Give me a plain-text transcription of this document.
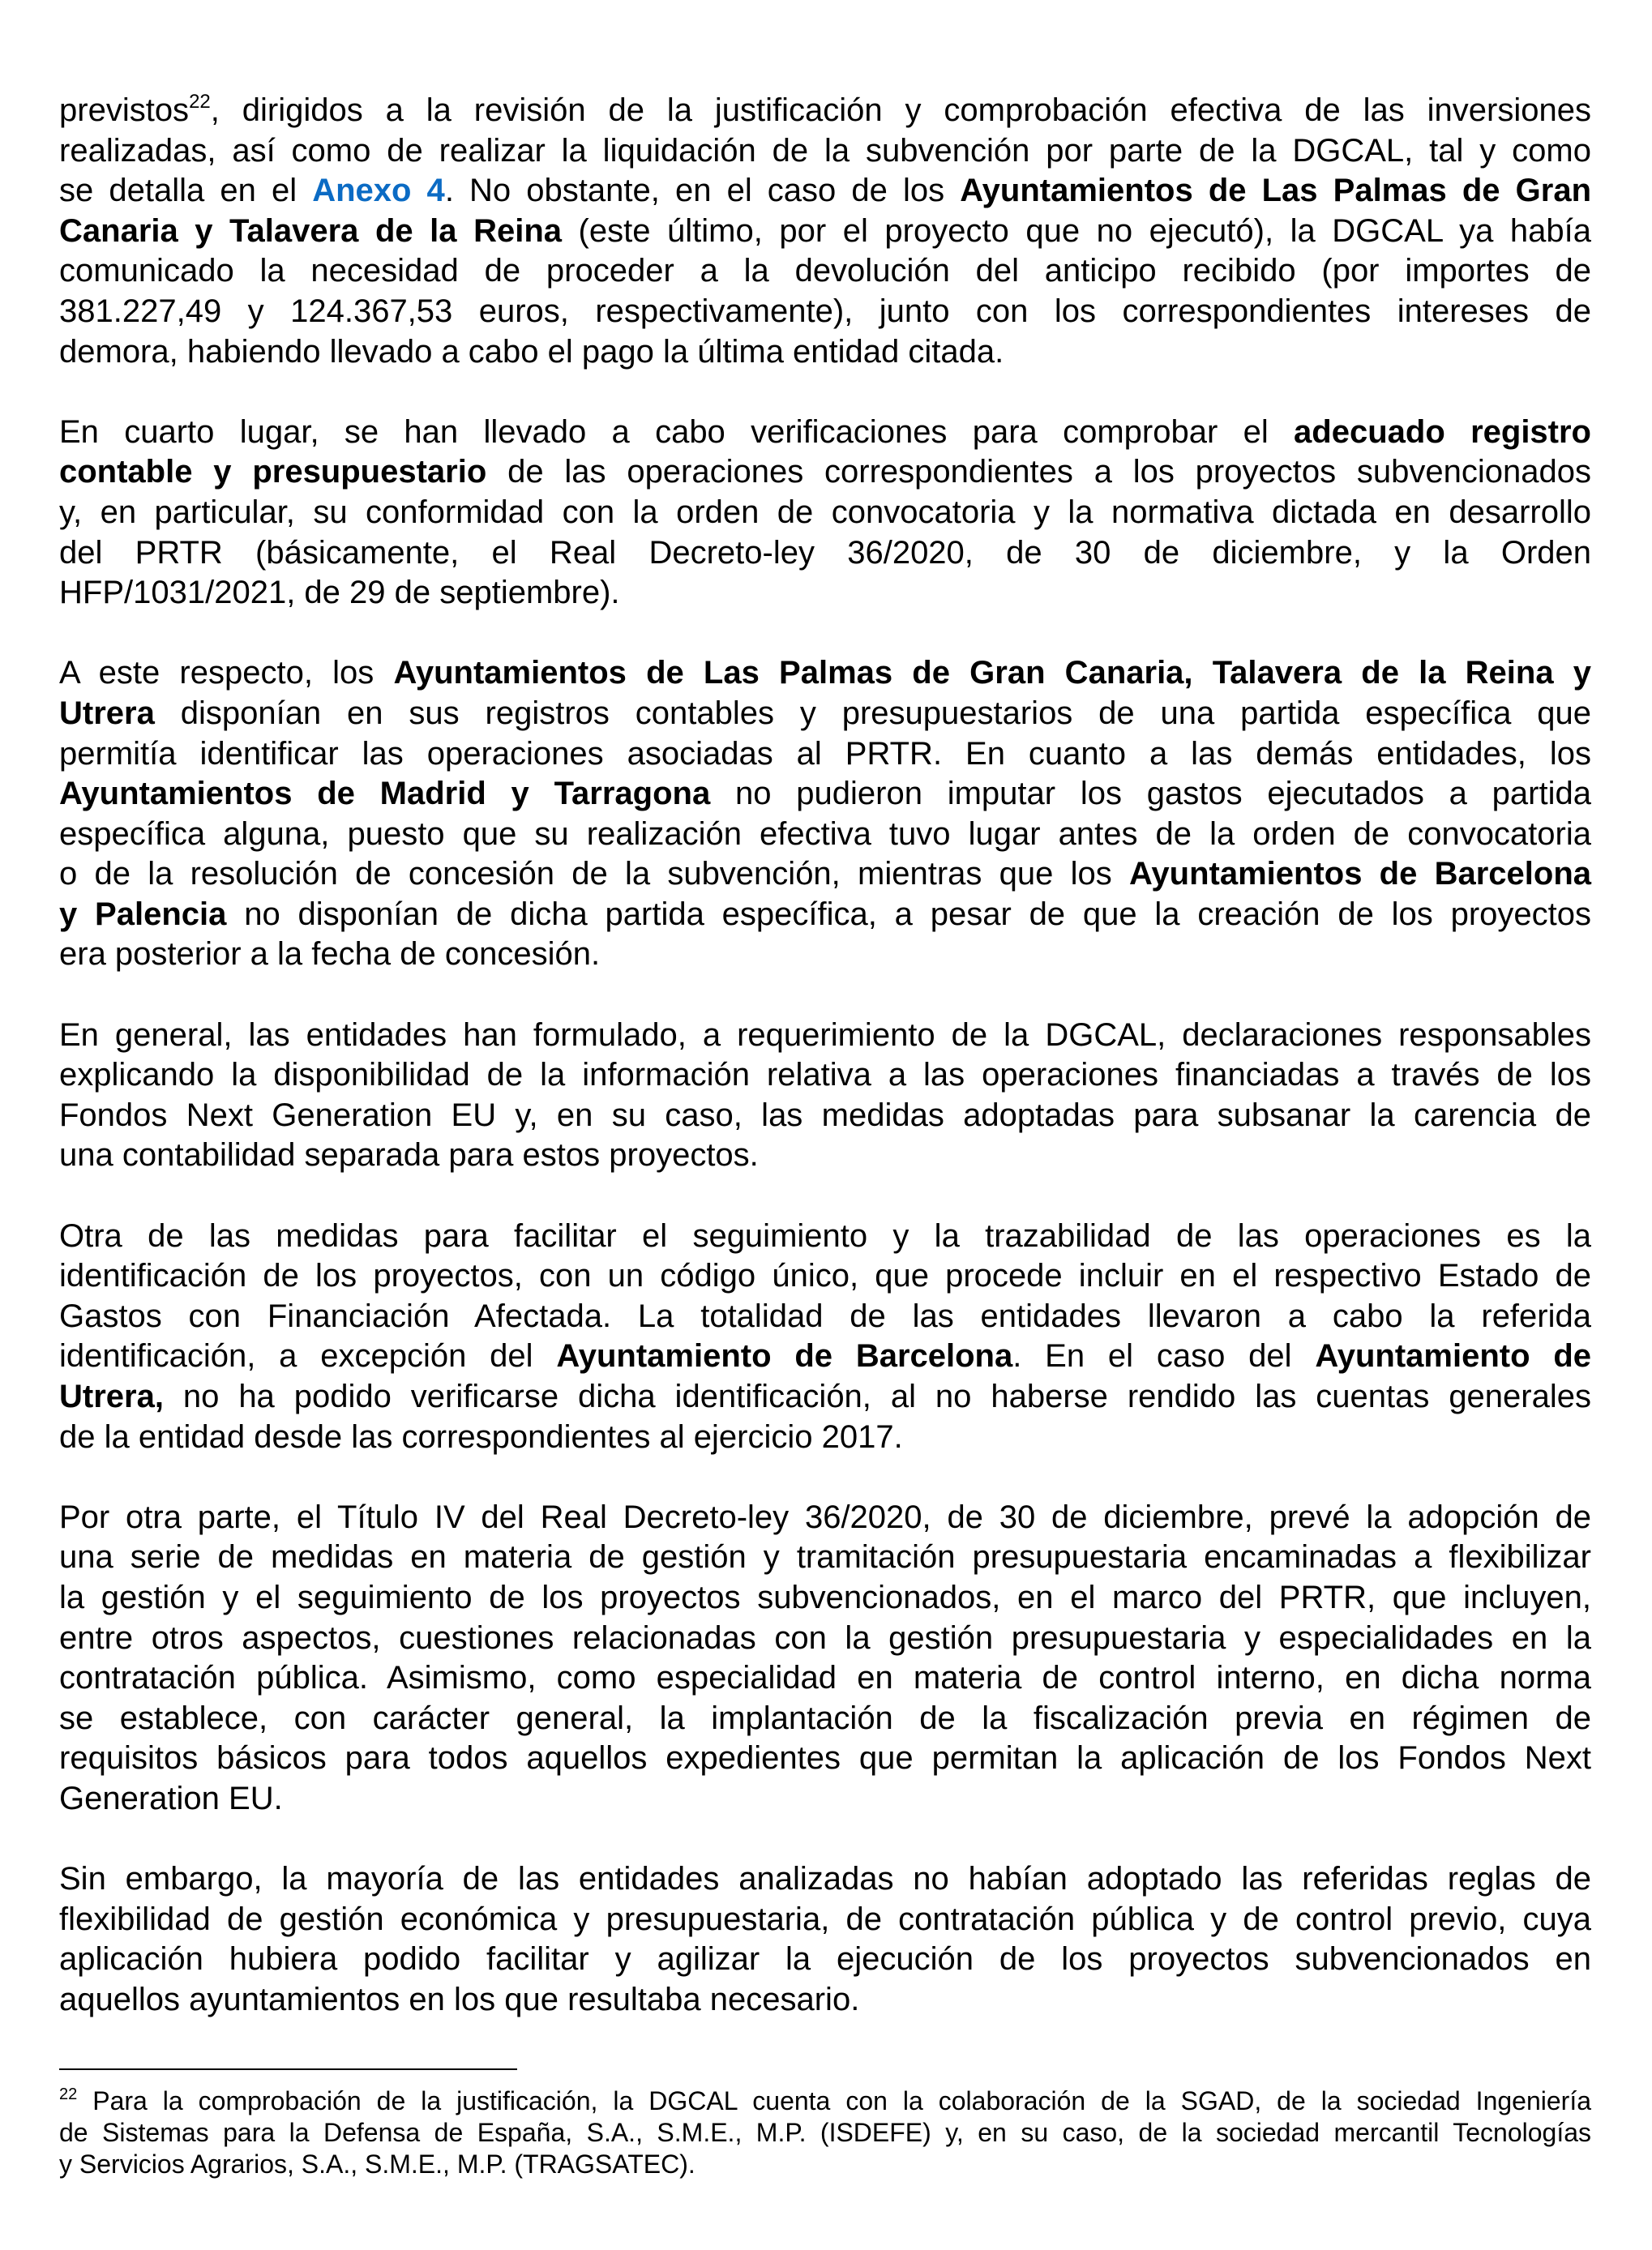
previstos$^{22}$, dirigidos a la revisión de la justificación y comprobación efectiva de las inversiones
realizadas, así como de realizar la liquidación de la subvención por parte de la DGCAL, tal y como
se detalla en el Anexo 4. No obstante, en el caso de los Ayuntamientos de Las Palmas de Gran
Canaria y Talavera de la Reina (este último, por el proyecto que no ejecutó), la DGCAL ya había
comunicado la necesidad de proceder a la devolución del anticipo recibido (por importes de
381.227,49 y 124.367,53 euros, respectivamente), junto con los correspondientes intereses de
demora, habiendo llevado a cabo el pago la última entidad citada.
En cuarto lugar, se han llevado a cabo verificaciones para comprobar el adecuado registro
contable y presupuestario de las operaciones correspondientes a los proyectos subvencionados
y, en particular, su conformidad con la orden de convocatoria y la normativa dictada en desarrollo
del PRTR (básicamente, el Real Decreto-ley 36/2020, de 30 de diciembre, y la Orden
HFP/1031/2021, de 29 de septiembre).
A este respecto, los Ayuntamientos de Las Palmas de Gran Canaria, Talavera de la Reina y
Utrera disponían en sus registros contables y presupuestarios de una partida específica que
permitía identificar las operaciones asociadas al PRTR. En cuanto a las demás entidades, los
Ayuntamientos de Madrid y Tarragona no pudieron imputar los gastos ejecutados a partida
específica alguna, puesto que su realización efectiva tuvo lugar antes de la orden de convocatoria
o de la resolución de concesión de la subvención, mientras que los Ayuntamientos de Barcelona
y Palencia no disponían de dicha partida específica, a pesar de que la creación de los proyectos
era posterior a la fecha de concesión.
En general, las entidades han formulado, a requerimiento de la DGCAL, declaraciones responsables
explicando la disponibilidad de la información relativa a las operaciones financiadas a través de los
Fondos Next Generation EU y, en su caso, las medidas adoptadas para subsanar la carencia de
una contabilidad separada para estos proyectos.
Otra de las medidas para facilitar el seguimiento y la trazabilidad de las operaciones es la
identificación de los proyectos, con un código único, que procede incluir en el respectivo Estado de
Gastos con Financiación Afectada. La totalidad de las entidades llevaron a cabo la referida
identificación, a excepción del Ayuntamiento de Barcelona. En el caso del Ayuntamiento de
Utrera, no ha podido verificarse dicha identificación, al no haberse rendido las cuentas generales
de la entidad desde las correspondientes al ejercicio 2017.
Por otra parte, el Título IV del Real Decreto-ley 36/2020, de 30 de diciembre, prevé la adopción de
una serie de medidas en materia de gestión y tramitación presupuestaria encaminadas a flexibilizar
la gestión y el seguimiento de los proyectos subvencionados, en el marco del PRTR, que incluyen,
entre otros aspectos, cuestiones relacionadas con la gestión presupuestaria y especialidades en la
contratación pública. Asimismo, como especialidad en materia de control interno, en dicha norma
se establece, con carácter general, la implantación de la fiscalización previa en régimen de
requisitos básicos para todos aquellos expedientes que permitan la aplicación de los Fondos Next
Generation EU.
Sin embargo, la mayoría de las entidades analizadas no habían adoptado las referidas reglas de
flexibilidad de gestión económica y presupuestaria, de contratación pública y de control previo, cuya
aplicación hubiera podido facilitar y agilizar la ejecución de los proyectos subvencionados en
aquellos ayuntamientos en los que resultaba necesario.
$^{22}$ Para la comprobación de la justificación, la DGCAL cuenta con la colaboración de la SGAD, de la sociedad Ingeniería
de Sistemas para la Defensa de España, S.A., S.M.E., M.P. (ISDEFE) y, en su caso, de la sociedad mercantil Tecnologías
y Servicios Agrarios, S.A., S.M.E., M.P. (TRAGSATEC).
